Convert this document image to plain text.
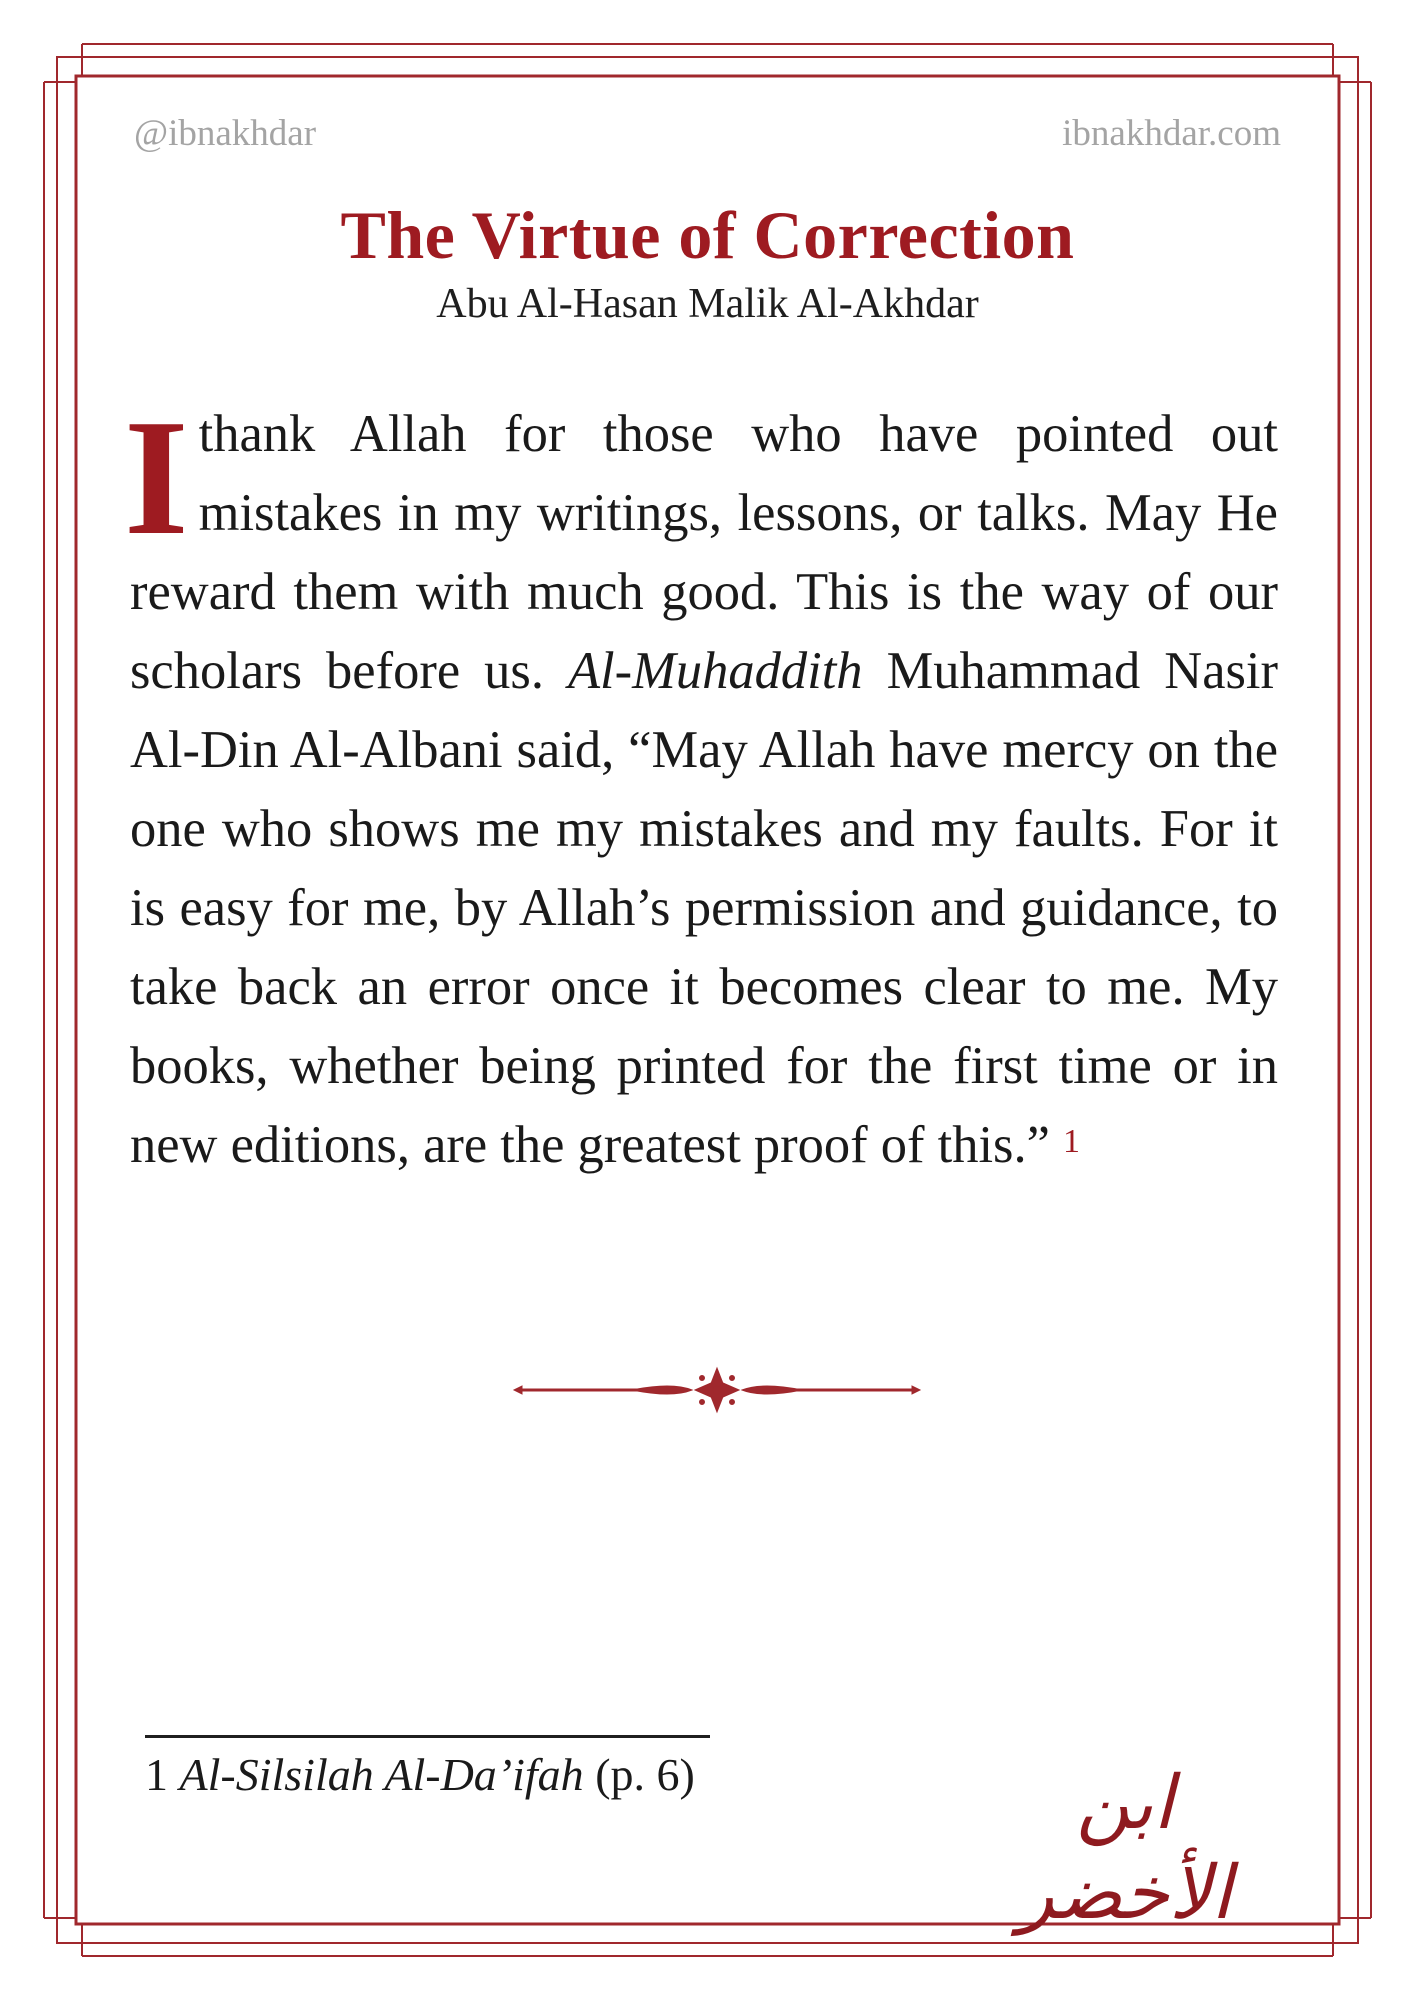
@ibnakhdar	ibnakhdar.com
The Virtue of Correction
Abu Al-Hasan Malik Al-Akhdar
Ithank Allah for those who have pointed out mistakes in my writings, lessons, or talks. May He reward them with much good. This is the way of our scholars before us. Al-Muhaddith Muhammad Nasir Al-Din Al-Albani said, “May Allah have mercy on the one who shows me my mistakes and my faults. For it is easy for me, by Allah’s permission and guidance, to take back an error once it becomes clear to me. My books, whether being printed for the first time or in new editions, are the greatest proof of this.” $^1$
1 Al-Silsilah Al-Da’ifah (p. 6)	ابن الأخضر
